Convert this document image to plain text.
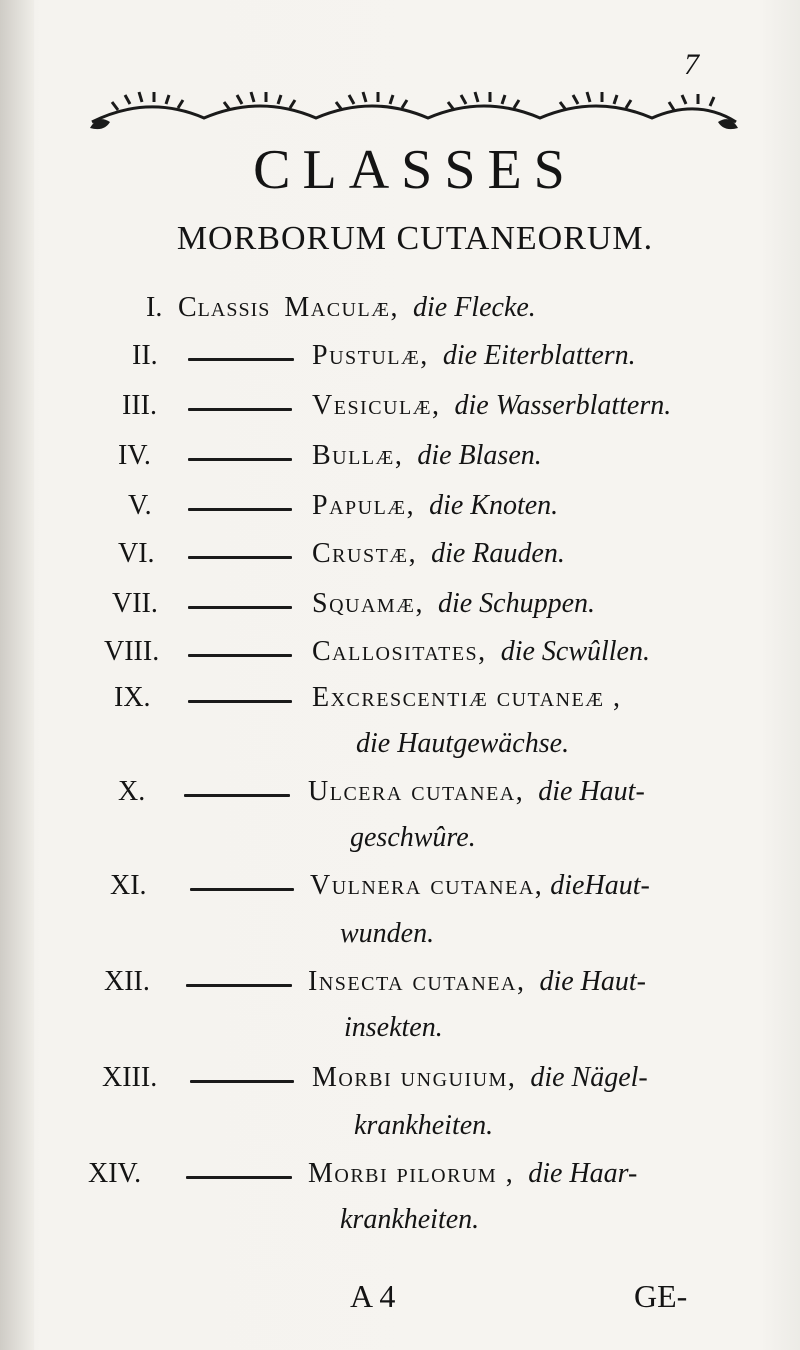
7
CLASSES
MORBORUM CUTANEORUM.
I. Classis Maculæ, die Flecke.
II.	Pustulæ, die Eiterblattern.
III.	Vesiculæ, die Wasserblattern.
IV.	Bullæ, die Blasen.
V.	Papulæ, die Knoten.
VI.	Crustæ, die Rauden.
VII.	Squamæ, die Schuppen.
VIII.	Callositates, die Scwûllen.
IX.	Excrescentiæ cutaneæ ,
die Hautgewächse.
X.	Ulcera cutanea, die Haut-
geschwûre.
XI.	Vulnera cutanea, dieHaut-
wunden.
XII.	Insecta cutanea, die Haut-
insekten.
XIII.	Morbi unguium, die Nägel-
krankheiten.
XIV.	Morbi pilorum , die Haar-
krankheiten.
A 4	GE-
